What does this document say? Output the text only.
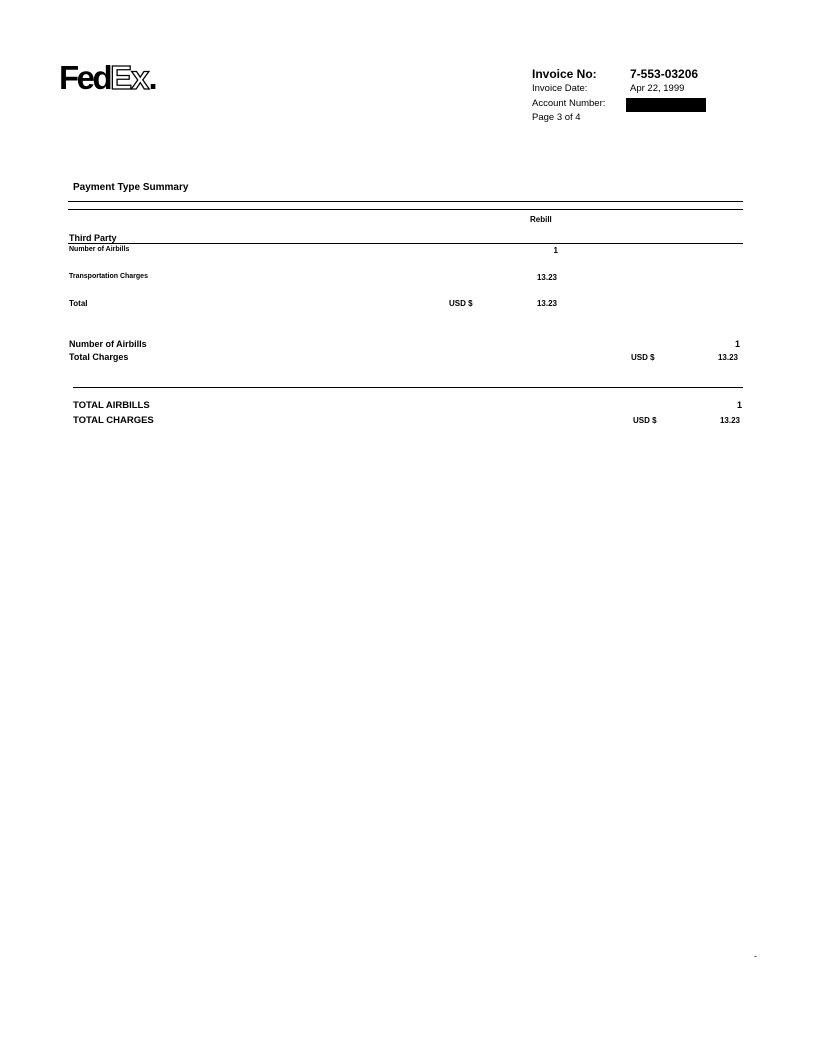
FedEx.	Invoice No:	7-553-03206
Invoice Date:	Apr 22, 1999
Account Number:
Page 3 of 4
Payment Type Summary
Rebill
Third Party
Number of Airbills	1
Transportation Charges	13.23
Total	USD $	13.23
Number of Airbills	1
Total Charges	USD $	13.23
TOTAL AIRBILLS	1
TOTAL CHARGES	USD $	13.23
-
